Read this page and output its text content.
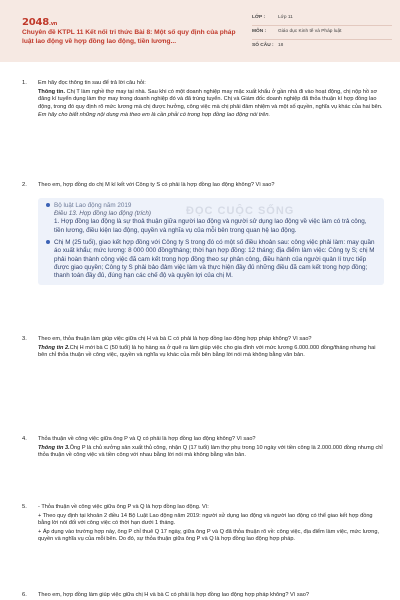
2048.vn
Chuyên đề KTPL 11 Kết nối tri thức Bài 8: Một số quy định của pháp luật lao động về hợp đồng lao động, tiền lương...
LỚP :	Lớp 11
MÔN : Giáo dục Kinh tế và Pháp luật
SỐ CÂU : 18
1. Em hãy đọc thông tin sau để trả lời câu hỏi:

Thông tin. Chị T làm nghề thợ may tại nhà. Sau khi có một doanh nghiệp may mặc xuất khẩu ở gần nhà đi vào hoạt động, chị nộp hồ sơ đăng kí tuyển dụng làm thợ may trong doanh nghiệp đó và đã trúng tuyển. Chị và Giám đốc doanh nghiệp đã thỏa thuận kí hợp đồng lao động, trong đó quy định rõ mức lương mà chị được hưởng, công việc mà chị phải đảm nhiệm và một số quyền, nghĩa vụ khác của hai bên.

Em hãy cho biết những nội dung mà theo em là cần phải có trong hợp đồng lao động nói trên.

2. Theo em, hợp đồng do chị M kí kết với Công ty S có phải là hợp đồng lao động không? Vì sao?

ĐỌC CUỘC SỐNG
Bộ luật Lao động năm 2019
Điều 13. Hợp đồng lao động (trích)
1. Hợp đồng lao động là sự thoả thuận giữa người lao động và người sử dụng lao động về việc làm có trả công, tiền lương, điều kiện lao động, quyền và nghĩa vụ của mỗi bên trong quan hệ lao động.
Chị M (25 tuổi), giao kết hợp đồng với Công ty S trong đó có một số điều khoản sau: công việc phải làm: may quần áo xuất khẩu; mức lương: 8 000 000 đồng/tháng; thời hạn hợp đồng: 12 tháng; địa điểm làm việc: Công ty S; chị M phải hoàn thành công việc đã cam kết trong hợp đồng theo sự phân công, điều hành của người quản lí trực tiếp được giao quyền; Công ty S phải bảo đảm việc làm và thực hiện đầy đủ những điều đã cam kết trong hợp đồng; thanh toán đầy đủ, đúng hạn các chế độ và quyền lợi của chị M.
3. Theo em, thỏa thuận làm giúp việc giữa chị H và bà C có phải là hợp đồng lao động hợp pháp không? Vì sao?

Thông tin 2.Chị H mới bà C (50 tuổi) là họ hàng xa ở quê ra làm giúp việc cho gia đình với mức lương 6.000.000 đồng/tháng nhưng hai bên chỉ thỏa thuận về công việc, quyền và nghĩa vụ khác của mỗi bên bằng lời nói mà không bằng văn bản.

4. Thỏa thuận về công việc giữa ông P và Q có phải là hợp đồng lao động không? Vì sao?

Thông tin 3.Ông P là chủ xưởng sản xuất thủ công, nhận Q (17 tuổi) làm thợ phụ trong 10 ngày với tiền công là 2.000.000 đồng nhưng chỉ thỏa thuận về công việc và tiền công với nhau bằng lời nói mà không bằng văn bản.

5. - Thỏa thuận về công việc giữa ông P và Q là hợp đồng lao động. Vì:

+ Theo quy định tại khoản 2 điều 14 Bộ Luật Lao động năm 2019: người sử dụng lao động và người lao động có thể giao kết hợp đồng bằng lời nói đối với công việc có thời hạn dưới 1 tháng.

+ Áp dụng vào trường hợp này, ông P chỉ thuê Q 17 ngày, giữa ông P và Q đã thỏa thuận rõ về: công việc, địa điểm làm việc, mức lương, quyền và nghĩa vụ của mỗi bên. Do đó, sự thỏa thuận giữa ông P và Q là hợp đồng lao động hợp pháp.

6. Theo em, hợp đồng làm giúp việc giữa chị H và bà C có phải là hợp đồng lao động hợp pháp không? Vì sao?
